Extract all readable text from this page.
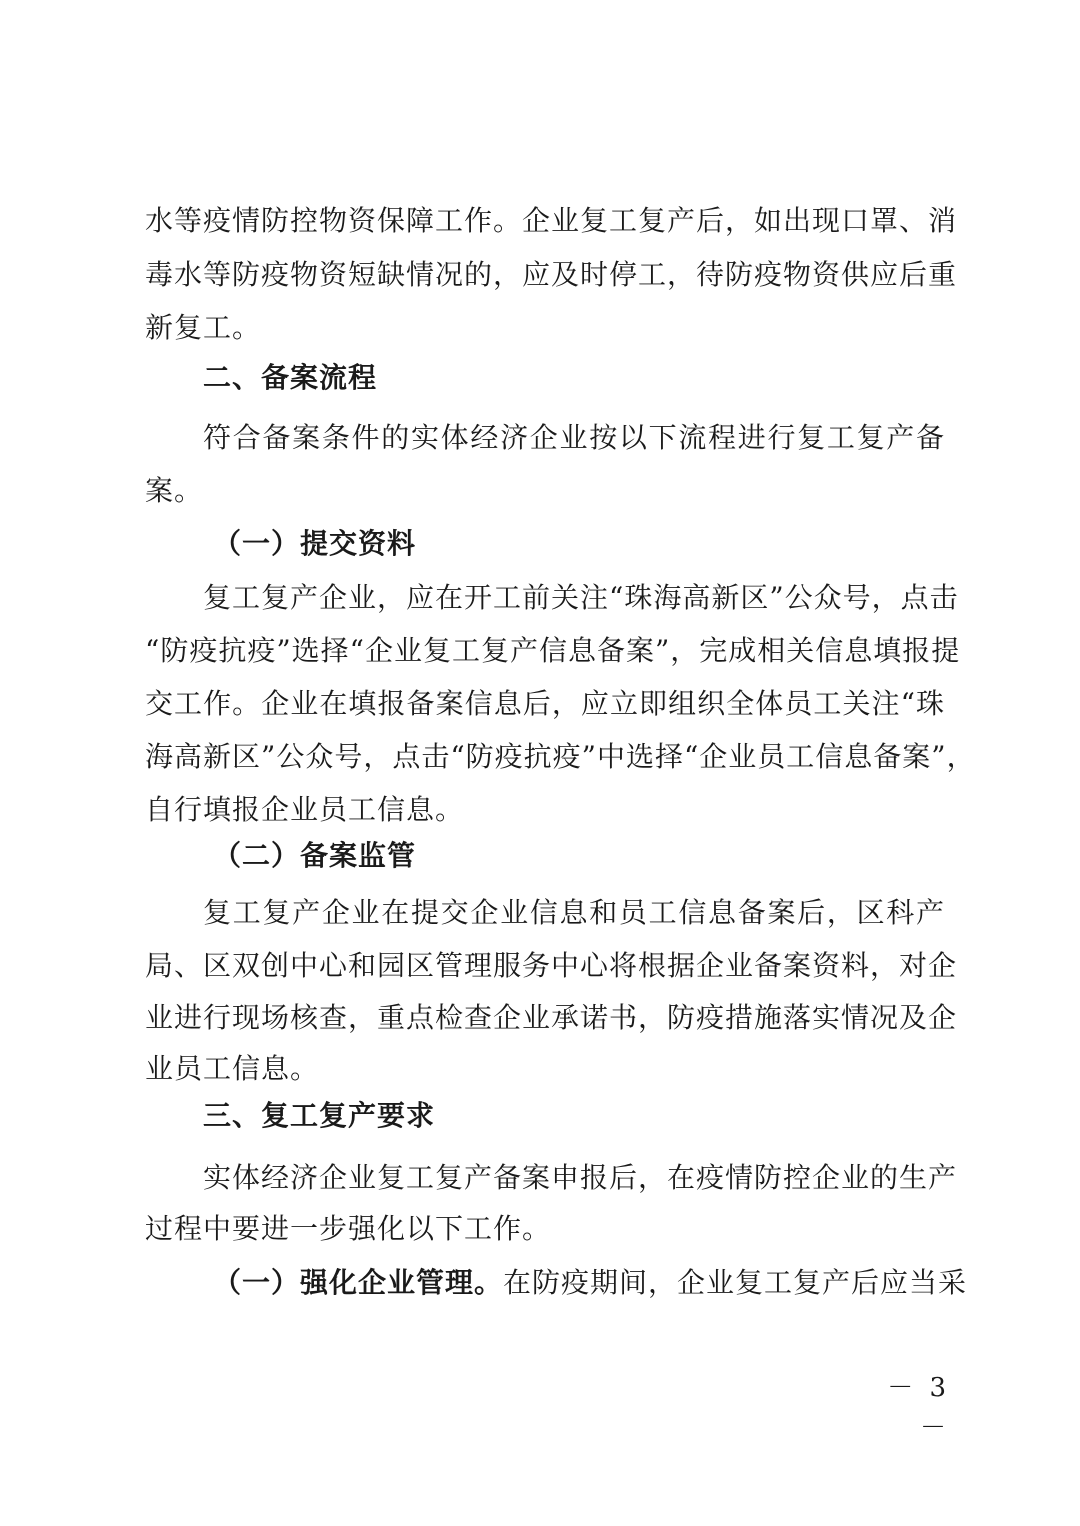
水等疫情防控物资保障工作。企业复工复产后，如出现口罩、消
毒水等防疫物资短缺情况的，应及时停工，待防疫物资供应后重
新复工。
二、备案流程
符合备案条件的实体经济企业按以下流程进行复工复产备
案。
（一）提交资料
复工复产企业，应在开工前关注“珠海高新区”公众号，点击
“防疫抗疫”选择“企业复工复产信息备案”，完成相关信息填报提
交工作。企业在填报备案信息后，应立即组织全体员工关注“珠
海高新区”公众号，点击“防疫抗疫”中选择“企业员工信息备案”，
自行填报企业员工信息。
（二）备案监管
复工复产企业在提交企业信息和员工信息备案后，区科产
局、区双创中心和园区管理服务中心将根据企业备案资料，对企
业进行现场核查，重点检查企业承诺书，防疫措施落实情况及企
业员工信息。
三、复工复产要求
实体经济企业复工复产备案申报后，在疫情防控企业的生产
过程中要进一步强化以下工作。
（一）强化企业管理。在防疫期间，企业复工复产后应当采
－ 3 －
